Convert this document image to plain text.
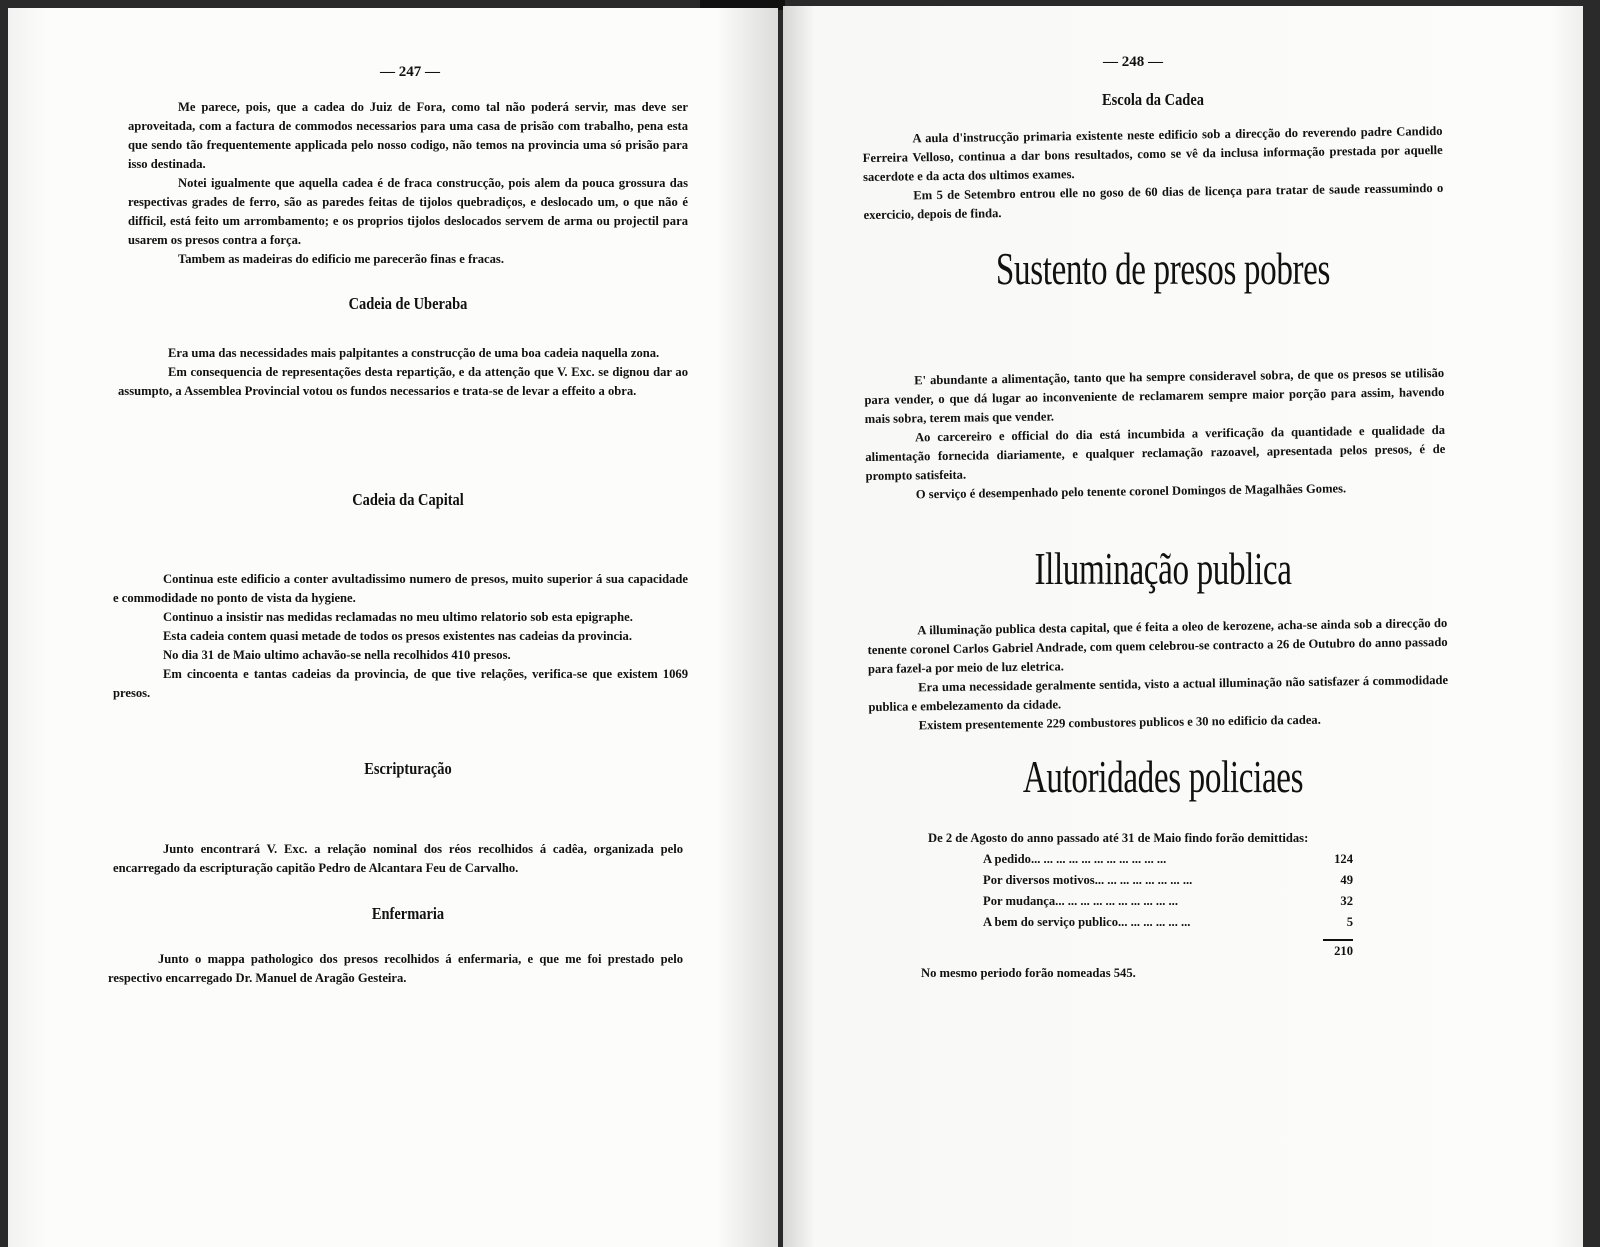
— 247 —

Me parece, pois, que a cadea do Juiz de Fora, como tal não poderá servir, mas deve ser aproveitada, com a factura de commodos necessarios para uma casa de prisão com trabalho, pena esta que sendo tão frequentemente applicada pelo nosso codigo, não temos na provincia uma só prisão para isso destinada.

Notei igualmente que aquella cadea é de fraca construcção, pois alem da pouca grossura das respectivas grades de ferro, são as paredes feitas de tijolos quebradiços, e deslocado um, o que não é difficil, está feito um arrombamento; e os proprios tijolos deslocados servem de arma ou projectil para usarem os presos contra a força.

Tambem as madeiras do edificio me parecerão finas e fracas.

Cadeia de Uberaba

Era uma das necessidades mais palpitantes a construcção de uma boa cadeia naquella zona.

Em consequencia de representações desta repartição, e da attenção que V. Exc. se dignou dar ao assumpto, a Assemblea Provincial votou os fundos necessarios e trata-se de levar a effeito a obra.

Cadeia da Capital

Continua este edificio a conter avultadissimo numero de presos, muito superior á sua capacidade e commodidade no ponto de vista da hygiene.

Continuo a insistir nas medidas reclamadas no meu ultimo relatorio sob esta epigraphe.

Esta cadeia contem quasi metade de todos os presos existentes nas cadeias da provincia.

No dia 31 de Maio ultimo achavão-se nella recolhidos 410 presos.

Em cincoenta e tantas cadeias da provincia, de que tive relações, verifica-se que existem 1069 presos.

Escripturação

Junto encontrará V. Exc. a relação nominal dos réos recolhidos á cadêa, organizada pelo encarregado da escripturação capitão Pedro de Alcantara Feu de Carvalho.

Enfermaria

Junto o mappa pathologico dos presos recolhidos á enfermaria, e que me foi prestado pelo respectivo encarregado Dr. Manuel de Aragão Gesteira.

— 248 —
Escola da Cadea

A aula d'instrucção primaria existente neste edificio sob a direcção do reverendo padre Candido Ferreira Velloso, continua a dar bons resultados, como se vê da inclusa informação prestada por aquelle sacerdote e da acta dos ultimos exames.

Em 5 de Setembro entrou elle no goso de 60 dias de licença para tratar de saude reassumindo o exercicio, depois de finda.

Sustento de presos pobres

E' abundante a alimentação, tanto que ha sempre consideravel sobra, de que os presos se utilisão para vender, o que dá lugar ao inconveniente de reclamarem sempre maior porção para assim, havendo mais sobra, terem mais que vender.

Ao carcereiro e official do dia está incumbida a verificação da quantidade e qualidade da alimentação fornecida diariamente, e qualquer reclamação razoavel, apresentada pelos presos, é de prompto satisfeita.

O serviço é desempenhado pelo tenente coronel Domingos de Magalhães Gomes.

Illuminação publica

A illuminação publica desta capital, que é feita a oleo de kerozene, acha-se ainda sob a direcção do tenente coronel Carlos Gabriel Andrade, com quem celebrou-se contracto a 26 de Outubro do anno passado para fazel-a por meio de luz eletrica.

Era uma necessidade geralmente sentida, visto a actual illuminação não satisfazer á commodidade publica e embelezamento da cidade.

Existem presentemente 229 combustores publicos e 30 no edificio da cadea.

Autoridades policiaes
De 2 de Agosto do anno passado até 31 de Maio findo forão demittidas:
A pedido... ... ... ... ... ... ... ... ... ... ...	124
Por diversos motivos... ... ... ... ... ... ... ...	49
Por mudança... ... ... ... ... ... ... ... ... ...	32
A bem do serviço publico... ... ... ... ... ...	5
210
No mesmo periodo forão nomeadas 545.
